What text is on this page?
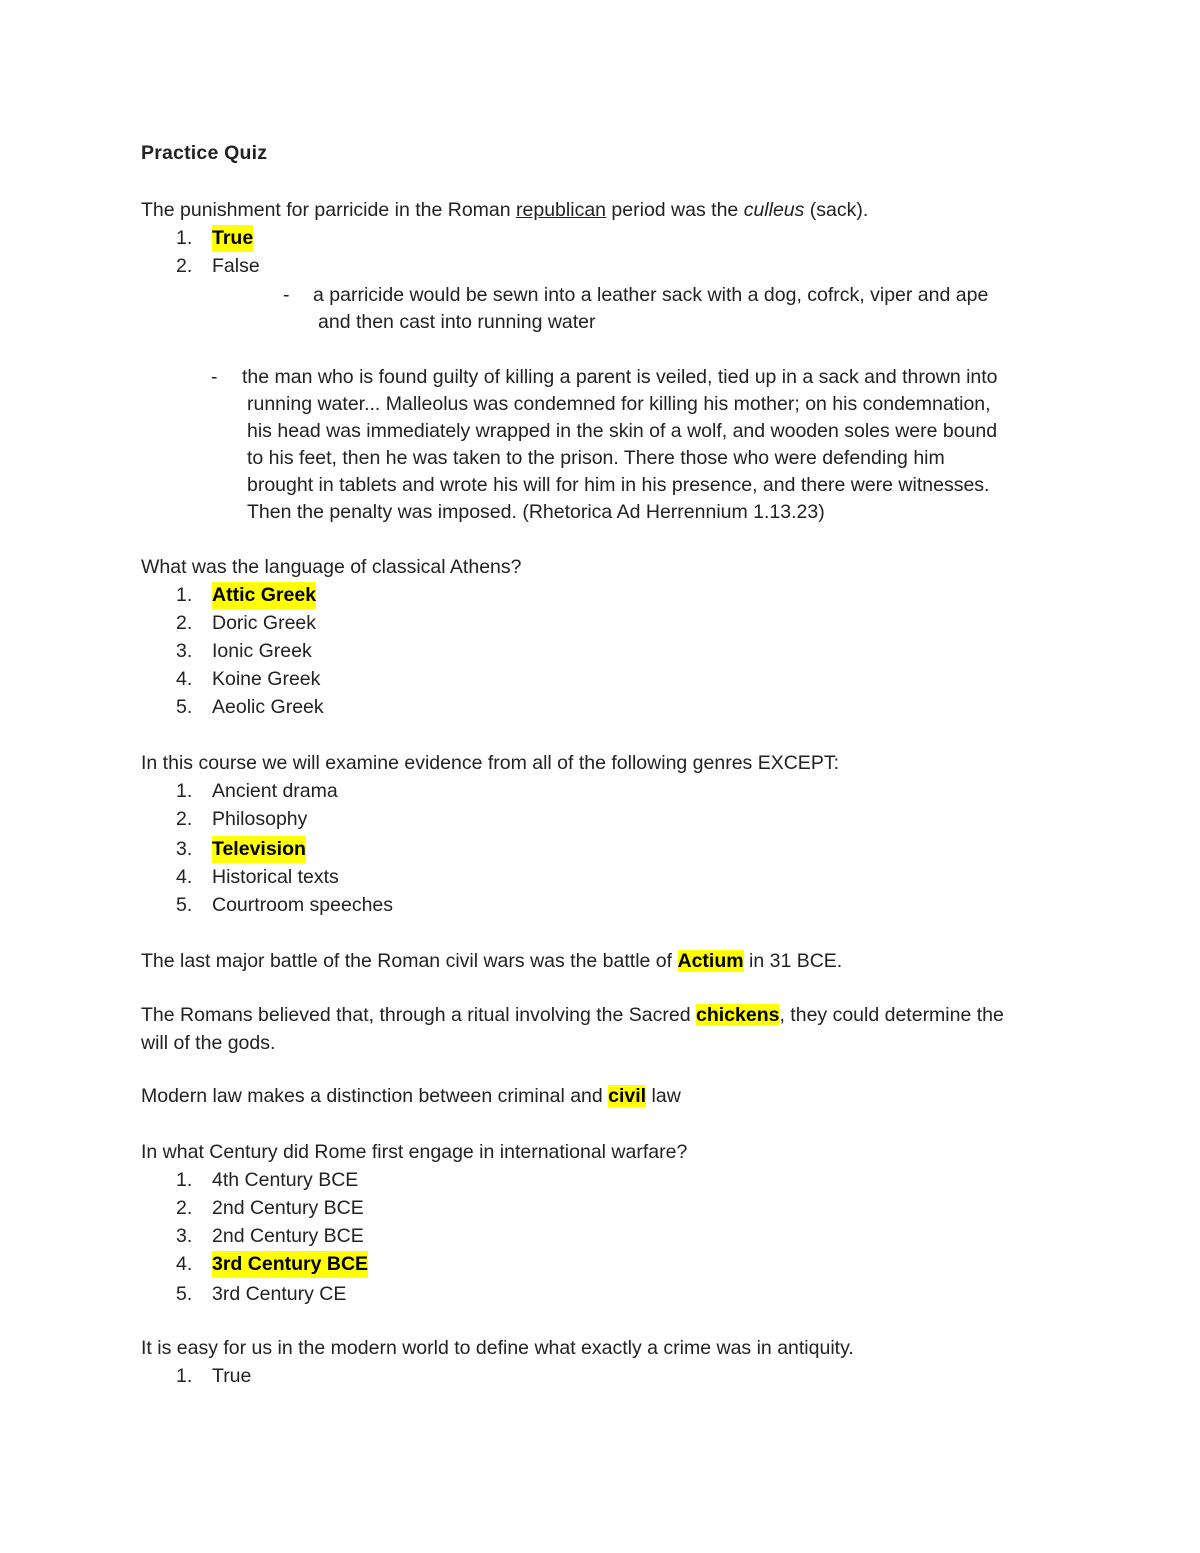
Practice Quiz
The punishment for parricide in the Roman republican period was the culleus (sack).
1. True
2. False
- a parricide would be sewn into a leather sack with a dog, cofrck, viper and ape
and then cast into running water
- the man who is found guilty of killing a parent is veiled, tied up in a sack and thrown into
running water... Malleolus was condemned for killing his mother; on his condemnation,
his head was immediately wrapped in the skin of a wolf, and wooden soles were bound
to his feet, then he was taken to the prison. There those who were defending him
brought in tablets and wrote his will for him in his presence, and there were witnesses.
Then the penalty was imposed. (Rhetorica Ad Herrennium 1.13.23)
What was the language of classical Athens?
1. Attic Greek
2. Doric Greek
3. Ionic Greek
4. Koine Greek
5. Aeolic Greek
In this course we will examine evidence from all of the following genres EXCEPT:
1. Ancient drama
2. Philosophy
3. Television
4. Historical texts
5. Courtroom speeches
The last major battle of the Roman civil wars was the battle of Actium in 31 BCE.
The Romans believed that, through a ritual involving the Sacred chickens, they could determine the
will of the gods.
Modern law makes a distinction between criminal and civil law
In what Century did Rome first engage in international warfare?
1. 4th Century BCE
2. 2nd Century BCE
3. 2nd Century BCE
4. 3rd Century BCE
5. 3rd Century CE
It is easy for us in the modern world to define what exactly a crime was in antiquity.
1. True
